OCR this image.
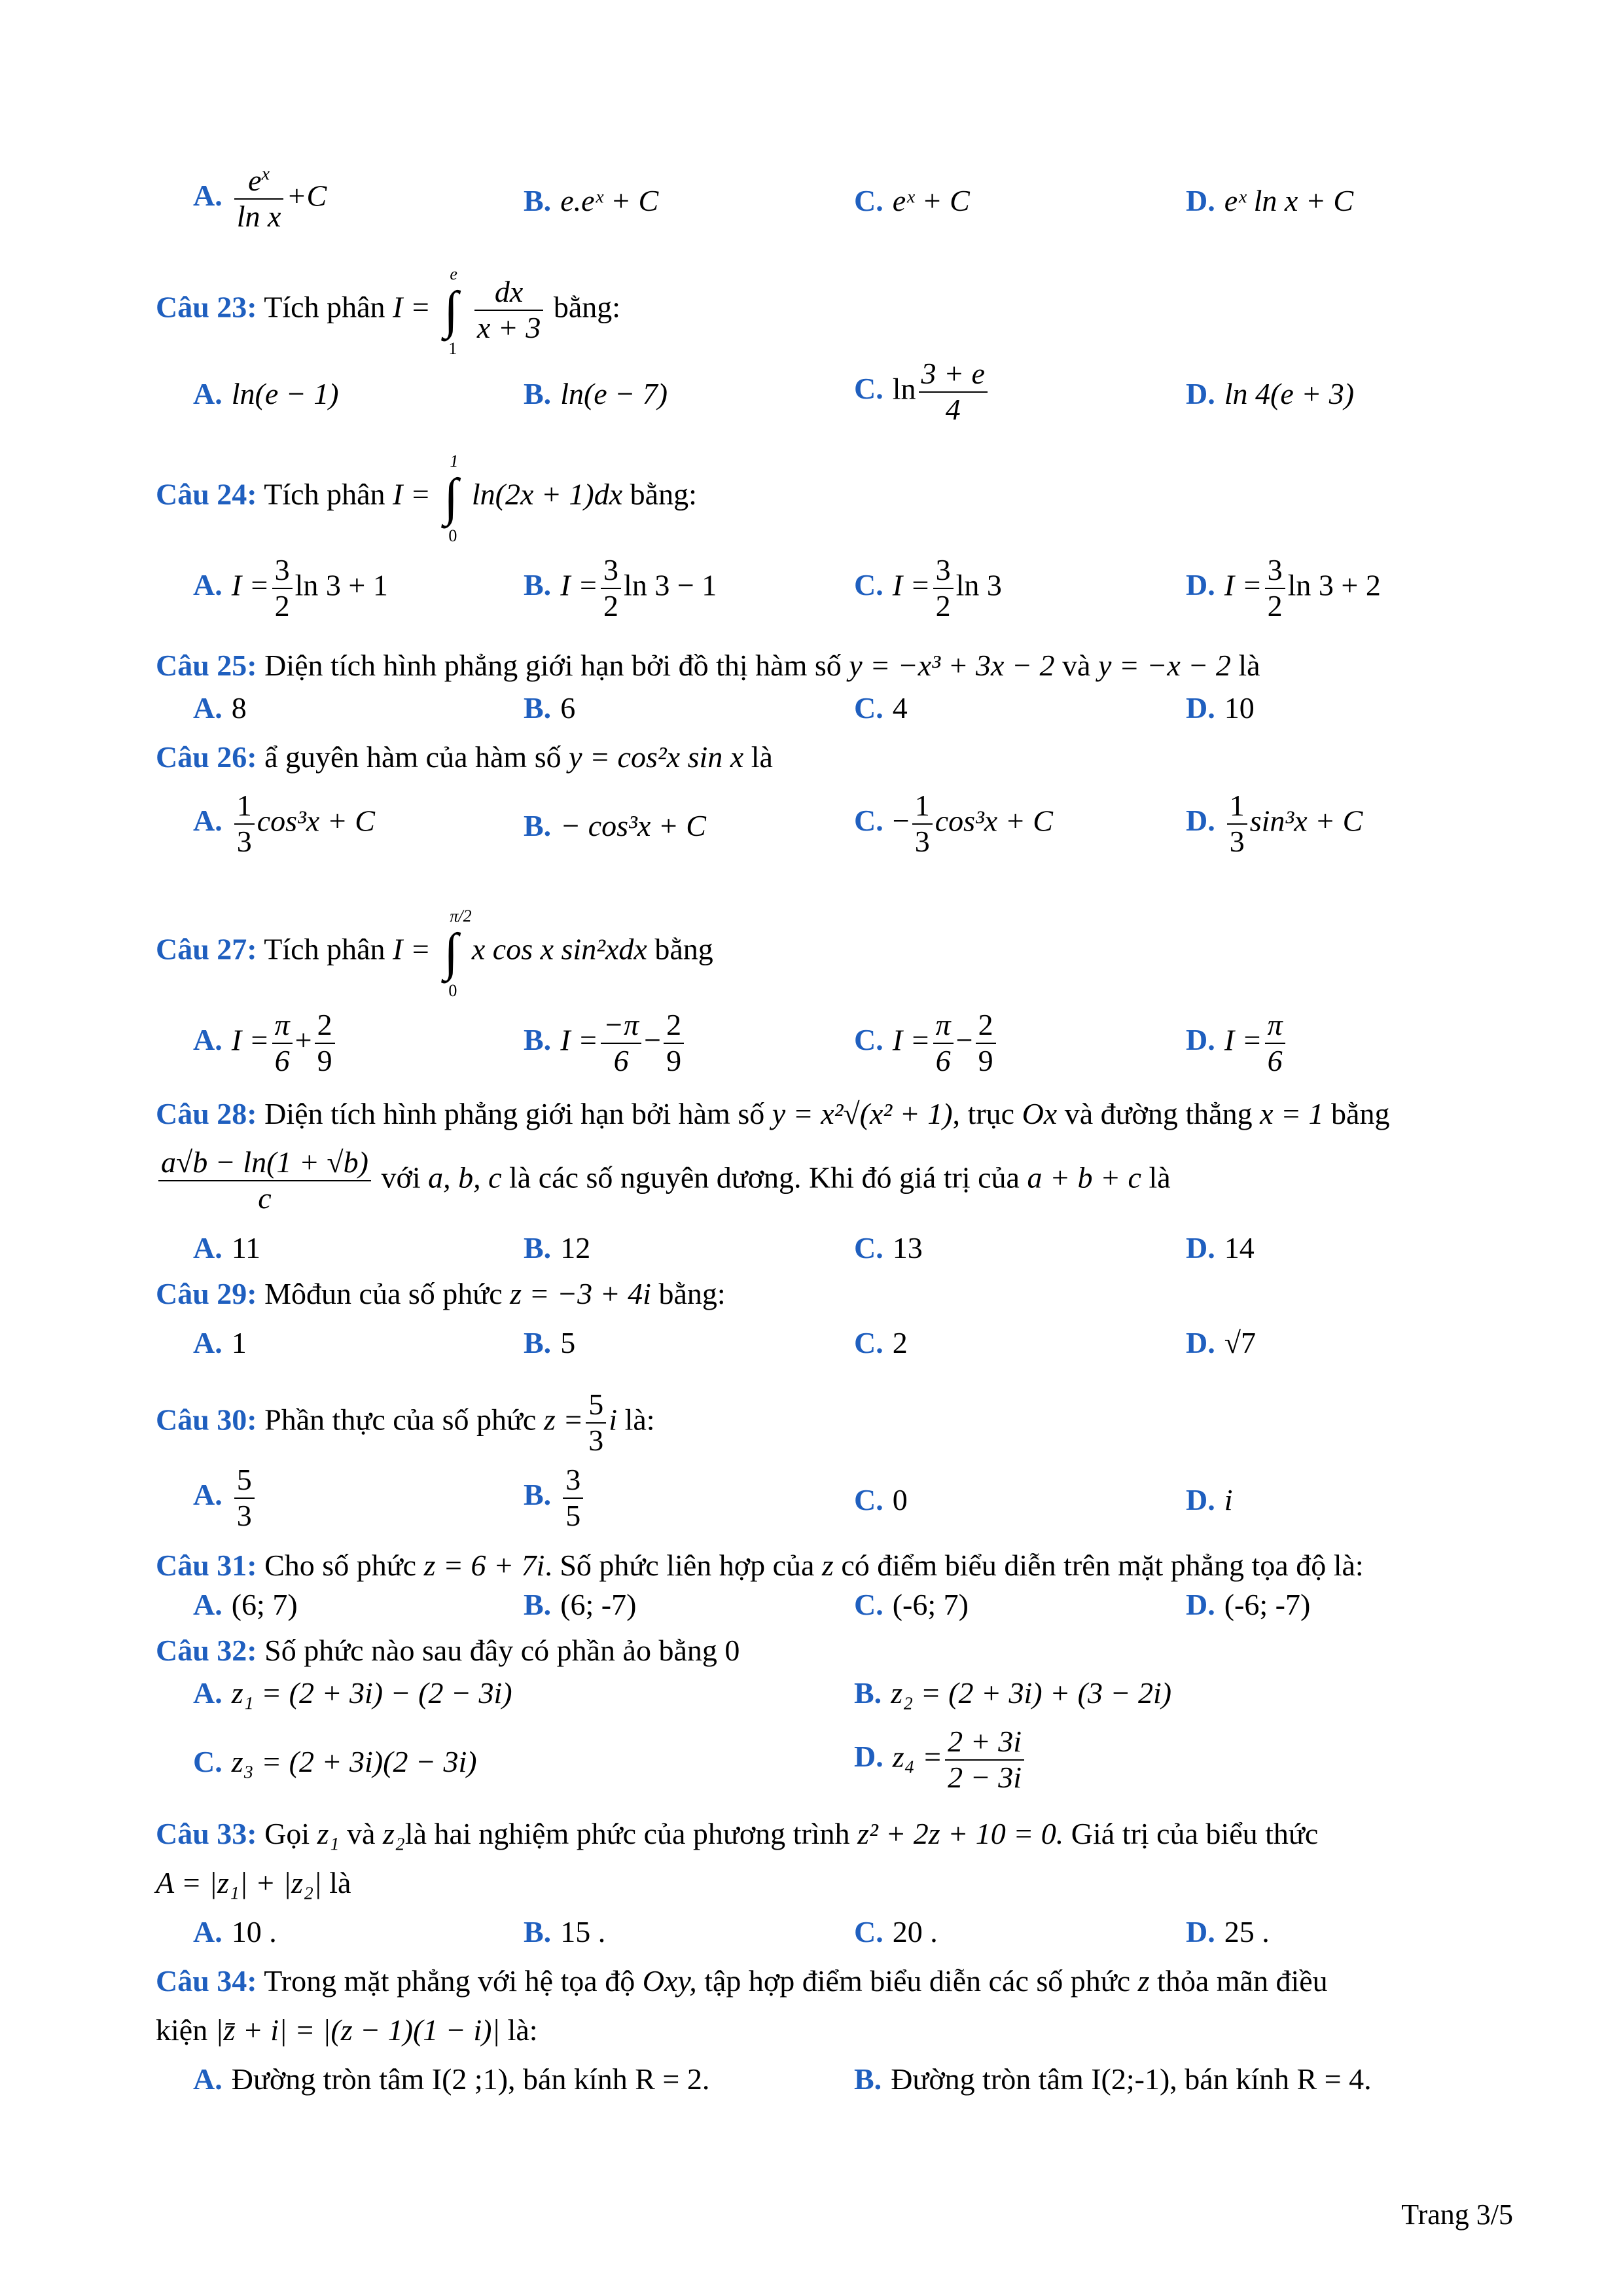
A. $\frac{e^x}{\text{ln x}} +C$	B. e.eˣ + C	C. eˣ + C	D. eˣ ln x + C
Câu 23: Tích phân I =
e
∫
1

$\frac{dx}{x + 3}$ bằng:
A. ln(e − 1)	B. ln(e − 7)	C. $\ln \frac{3 + e}{4}$	D. ln 4(e + 3)
Câu 24: Tích phân I =
1
∫
0
ln(2x + 1)dx bằng:
A. $I = \frac{3}{2}$ ln 3 + 1	B. $I = \frac{3}{2}$ ln 3 − 1	C. $I = \frac{3}{2}$ ln 3	D. $I = \frac{3}{2}$ ln 3 + 2
Câu 25: Diện tích hình phẳng giới hạn bởi đồ thị hàm số y = −x³ + 3x − 2 và y = −x − 2 là
A. 8	B. 6	C. 4	D. 10
Câu 26: ẩ guyên hàm của hàm số y = cos²x sin x là
A. $\frac{1}{3} \cos^3x + C$	B. − cos³x + C	C. − $\frac{1}{3} \cos^3x + C$	D. $\frac{1}{3} \sin^3x + C$
Câu 27: Tích phân I =
π/2
∫
0
x cos x sin²xdx bằng
A. $I = \frac{\pi}{6} + \frac{2}{9}$	B. $I = \frac{-\pi}{6} - \frac{2}{9}$	C. $I = \frac{\pi}{6} - \frac{2}{9}$	D. $I = \frac{\pi}{6}$
Câu 28: Diện tích hình phẳng giới hạn bởi hàm số y = x²√(x² + 1), trục Ox và đường thẳng x = 1 bằng
$\frac{a√b - \ln(1 + √b)}{c}$ với a, b, c là các số nguyên dương. Khi đó giá trị của a + b + c là
A. 11	B. 12	C. 13	D. 14
Câu 29: Môđun của số phức z = −3 + 4i bằng:
A. 1	B. 5	C. 2	D. √7
Câu 30: Phần thực của số phức $z = \frac{5}{3}$ i là:
A. $\frac{5}{3}$	B. $\frac{3}{5}$	C. 0	D. i
Câu 31: Cho số phức z = 6 + 7i. Số phức liên hợp của z có điểm biểu diễn trên mặt phẳng tọa độ là:
A. (6; 7)	B. (6; -7)	C. (-6; 7)	D. (-6; -7)
Câu 32: Số phức nào sau đây có phần ảo bằng 0
A. z₁ = (2 + 3i) − (2 − 3i)	B. z₂ = (2 + 3i) + (3 − 2i)
C. z₃ = (2 + 3i)(2 − 3i)	D. $z_4 = \frac{2 + 3i}{2 - 3i}$
Câu 33: Gọi z₁ và z₂là hai nghiệm phức của phương trình z² + 2z + 10 = 0. Giá trị của biểu thức
A = |z₁| + |z₂| là
A. 10 .	B. 15 .	C. 20 .	D. 25 .
Câu 34: Trong mặt phẳng với hệ tọa độ Oxy, tập hợp điểm biểu diễn các số phức z thỏa mãn điều
kiện |z̄ + i| = |(z − 1)(1 − i)| là:
A. Đường tròn tâm I(2 ;1), bán kính R = 2.	B. Đường tròn tâm I(2;-1), bán kính R = 4.
Trang 3/5
